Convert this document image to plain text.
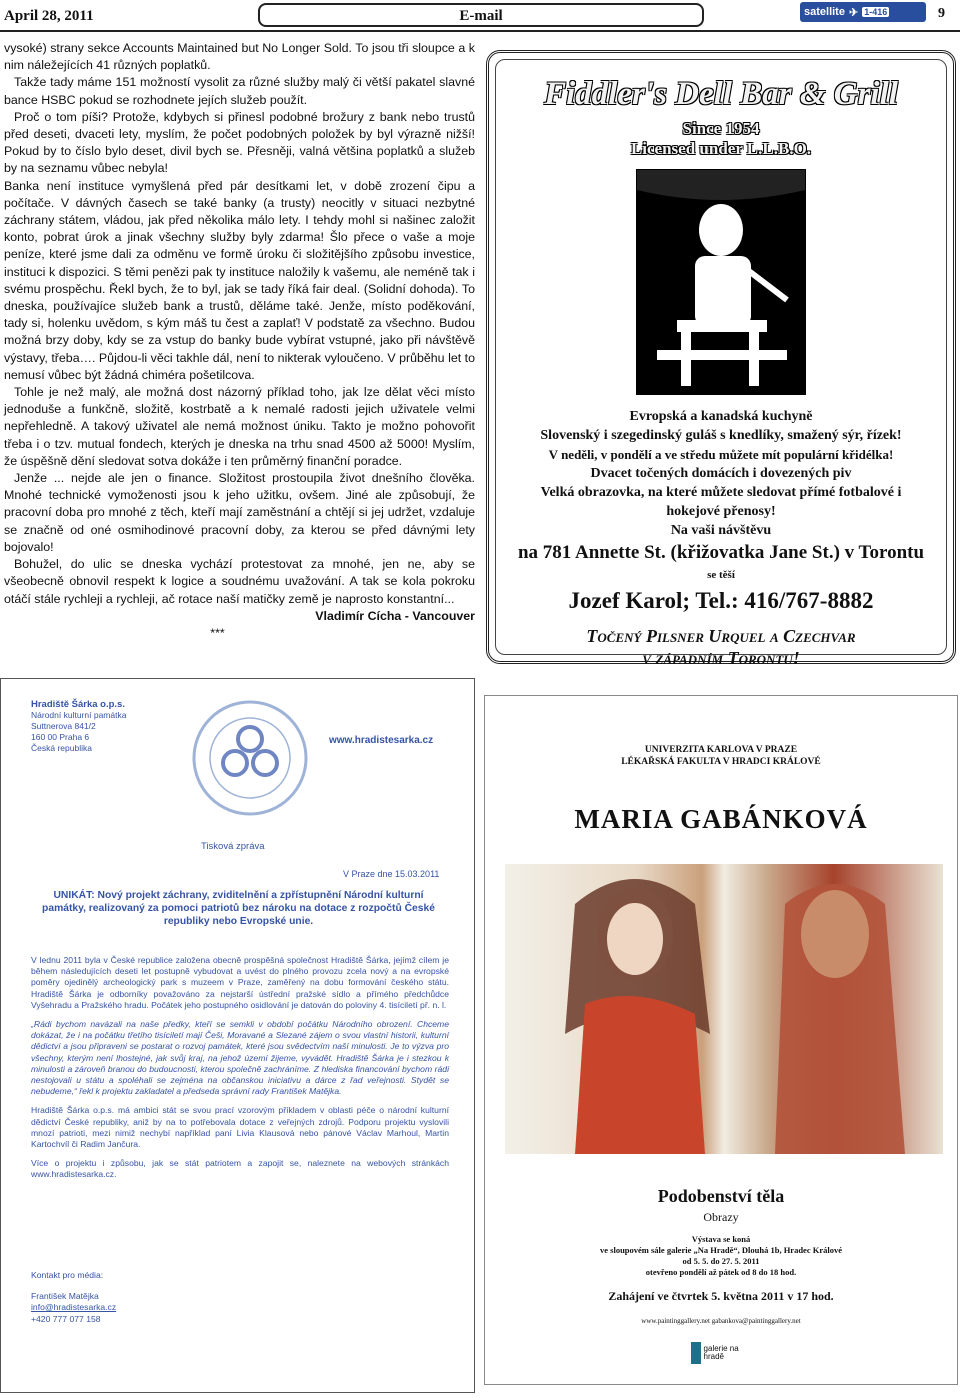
April 28, 2011	E-mail	satellite ✈ 1-416	9

vysoké) strany sekce Accounts Maintained but No Longer Sold. To jsou tři sloupce a k nim náležejících 41 různých poplatků.

Takže tady máme 151 možností vysolit za různé služby malý či větší pakatel slavné bance HSBC pokud se rozhodnete jejích služeb použít.

Proč o tom píši? Protože, kdybych si přinesl podobné brožury z bank nebo trustů před deseti, dvaceti lety, myslím, že počet podobných položek by byl výrazně nižší! Pokud by to číslo bylo deset, divil bych se. Přesněji, valná většina poplatků a služeb by na seznamu vůbec nebyla!

Banka není instituce vymyšlená před pár desítkami let, v době zrození čipu a počítače. V dávných časech se také banky (a trusty) neocitly v situaci nezbytné záchrany státem, vládou, jak před několika málo lety. I tehdy mohl si našinec založit konto, pobrat úrok a jinak všechny služby byly zdarma! Šlo přece o vaše a moje peníze, které jsme dali za odměnu ve formě úroku či složitějšího způsobu investice, instituci k dispozici. S těmi penězi pak ty instituce naložily k vašemu, ale neméně tak i svému prospěchu. Řekl bych, že to byl, jak se tady říká fair deal. (Solidní dohoda). To dneska, používajíce služeb bank a trustů, děláme také. Jenže, místo poděkování, tady si, holenku uvědom, s kým máš tu čest a zaplať! V podstatě za všechno. Budou možná brzy doby, kdy se za vstup do banky bude vybírat vstupné, jako při návštěvě výstavy, třeba…. Půjdou-li věci takhle dál, není to nikterak vyloučeno. V průběhu let to nemusí vůbec být žádná chiméra pošetilcova.

Tohle je než malý, ale možná dost názorný příklad toho, jak lze dělat věci místo jednoduše a funkčně, složitě, kostrbatě a k nemalé radosti jejich uživatele velmi nepřehledně. A takový uživatel ale nemá možnost úniku. Takto je možno pohovořit třeba i o tzv. mutual fondech, kterých je dneska na trhu snad 4500 až 5000! Myslím, že úspěšně dění sledovat sotva dokáže i ten průměrný finanční poradce.

Jenže ... nejde ale jen o finance. Složitost prostoupila život dnešního člověka. Mnohé technické vymoženosti jsou k jeho užitku, ovšem. Jiné ale způsobují, že pracovní doba pro mnohé z těch, kteří mají zaměstnání a chtějí si jej udržet, vzdaluje se značně od oné osmihodinové pracovní doby, za kterou se před dávnými lety bojovalo!

Bohužel, do ulic se dneska vychází protestovat za mnohé, jen ne, aby se všeobecně obnovil respekt k logice a soudnému uvažování. A tak se kola pokroku otáčí stále rychleji a rychleji, ač rotace naší matičky země je naprosto konstantní...

Vladimír Cícha - Vancouver

***

Fiddler's Dell Bar & Grill
Since 1954
Licensed under L.L.B.O.
Evropská a kanadská kuchyně
Slovenský i szegedinský guláš s knedlíky, smažený sýr, řízek!
V neděli, v pondělí a ve středu můžete mít populární křidélka!
Dvacet točených domácích i dovezených piv
Velká obrazovka, na které můžete sledovat přímé fotbalové i hokejové přenosy!
Na vaši návštěvu
na 781 Annette St. (křižovatka Jane St.) v Torontu
se těší
Jozef Karol; Tel.: 416/767-8882
Točený Pilsner Urquel a Czechvar
v západním Torontu!
Hradiště Šárka o.p.s.
Národní kulturní památka
Suttnerova 841/2
160 00 Praha 6
Česká republika
www.hradistesarka.cz
Tisková zpráva
V Praze dne 15.03.2011
UNIKÁT: Nový projekt záchrany, zviditelnění a zpřístupnění Národní kulturní památky, realizovaný za pomoci patriotů bez nároku na dotace z rozpočtů České republiky nebo Evropské unie.

V lednu 2011 byla v České republice založena obecně prospěšná společnost Hradiště Šárka, jejímž cílem je během následujících deseti let postupně vybudovat a uvést do plného provozu zcela nový a na evropské poměry ojedinělý archeologický park s muzeem v Praze, zaměřený na dobu formování českého státu. Hradiště Šárka je odborníky považováno za nejstarší ústřední pražské sídlo a přímého předchůdce Vyšehradu a Pražského hradu. Počátek jeho postupného osidlování je datován do poloviny 4. tisíciletí př. n. l.

„Rádi bychom navázali na naše předky, kteří se semkli v období počátku Národního obrození. Chceme dokázat, že i na počátku třetího tisíciletí mají Češi, Moravané a Slezané zájem o svou vlastní historii, kulturní dědictví a jsou připraveni se postarat o rozvoj památek, které jsou svědectvím naší minulosti. Je to výzva pro všechny, kterým není lhostejné, jak svůj kraj, na jehož území žijeme, vyvádět. Hradiště Šárka je i stezkou k minulosti a zároveň branou do budoucnosti, kterou společně zachráníme. Z hlediska financování bychom rádi nestojovali u státu a spoléhali se zejména na občanskou iniciativu a dárce z řad veřejnosti. Stydět se nebudeme,“ řekl k projektu zakladatel a předseda správní rady František Matějka.

Hradiště Šárka o.p.s. má ambici stát se svou prací vzorovým příkladem v oblasti péče o národní kulturní dědictví České republiky, aniž by na to potřebovala dotace z veřejných zdrojů. Podporu projektu vyslovili mnozí patrioti, mezi nimiž nechybí například paní Livia Klausová nebo pánové Václav Marhoul, Martin Kartochvíl či Radim Jančura.

Více o projektu i způsobu, jak se stát patriotem a zapojit se, naleznete na webových stránkách www.hradistesarka.cz.

Kontakt pro média:
František Matějka
info@hradistesarka.cz
+420 777 077 158
UNIVERZITA KARLOVA V PRAZE
LÉKAŘSKÁ FAKULTA V HRADCI KRÁLOVÉ
MARIA GABÁNKOVÁ
Podobenství těla
Obrazy
Výstava se koná
ve sloupovém sále galerie „Na Hradě“, Dlouhá 1b, Hradec Králové
od 5. 5. do 27. 5. 2011
otevřeno pondělí až pátek od 8 do 18 hod.
Zahájení ve čtvrtek 5. května 2011 v 17 hod.
www.paintinggallery.net gabankova@paintinggallery.net
galerie na hradě
